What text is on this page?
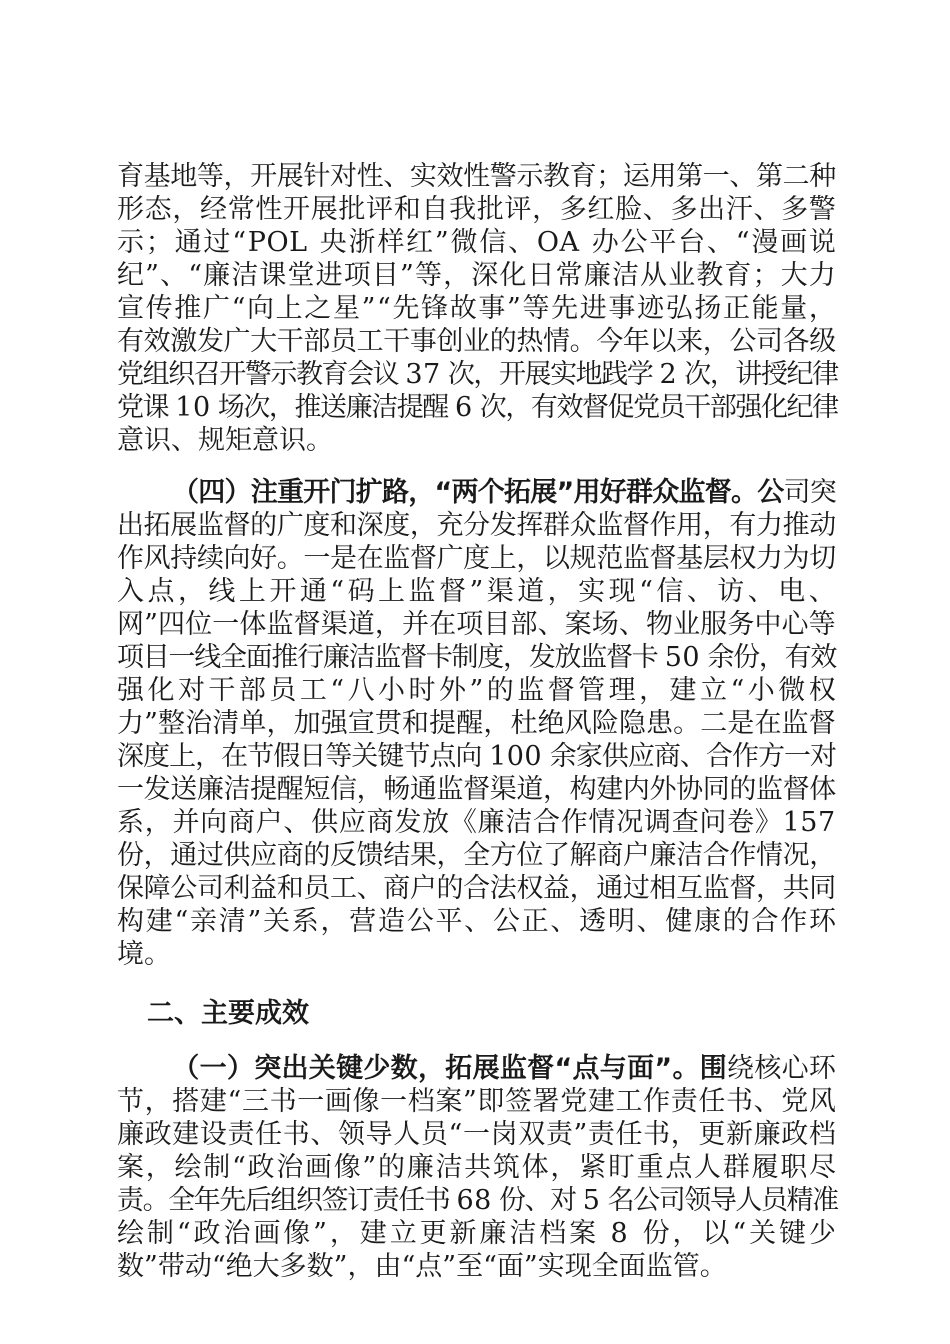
育 基 地 等 ， 开 展 针 对 性 、 实 效 性 警 示 教 育 ； 运 用 第 一 、 第 二 种
形 态 ， 经 常 性 开 展 批 评 和 自 我 批 评 ， 多 红 脸 、 多 出 汗 、 多 警
示 ； 通 过 “ POL
央 浙 样 红 ” 微 信 、 OA
办 公 平 台 、 “ 漫 画 说
纪 ” 、 “ 廉 洁 课 堂 进 项 目 ” 等 ， 深 化 日 常 廉 洁 从 业 教 育 ； 大 力
宣 传 推 广 “ 向 上 之 星 ” “ 先 锋 故 事 ” 等 先 进 事 迹 弘 扬 正 能 量 ，
有 效 激 发 广 大 干 部 员 工 干 事 创 业 的 热 情 。 今 年 以 来 ， 公 司 各 级
党 组 织 召 开 警 示 教 育 会 议
37
次 ， 开 展 实 地 践 学
2
次 ， 讲 授 纪 律
党 课
10
场 次 ， 推 送 廉 洁 提 醒
6
次 ， 有 效 督 促 党 员 干 部 强 化 纪 律
意识、规矩意识。
（ 四 ） 注 重 开 门 扩 路 ， “ 两 个 拓 展 ” 用 好 群 众 监 督 。 公 司 突
出 拓 展 监 督 的 广 度 和 深 度 ， 充 分 发 挥 群 众 监 督 作 用 ， 有 力 推 动
作 风 持 续 向 好 。 一 是 在 监 督 广 度 上 ， 以 规 范 监 督 基 层 权 力 为 切
入 点 ， 线 上 开 通 “ 码 上 监 督 ” 渠 道 ， 实 现 “ 信 、 访 、 电 、
网 ” 四 位 一 体 监 督 渠 道 ， 并 在 项 目 部 、 案 场 、 物 业 服 务 中 心 等
项 目 一 线 全 面 推 行 廉 洁 监 督 卡 制 度 ， 发 放 监 督 卡
50
余 份 ， 有 效
强 化 对 干 部 员 工 “ 八 小 时 外 ” 的 监 督 管 理 ， 建 立 “ 小 微 权
力 ” 整 治 清 单 ， 加 强 宣 贯 和 提 醒 ， 杜 绝 风 险 隐 患 。 二 是 在 监 督
深 度 上 ， 在 节 假 日 等 关 键 节 点 向
100
余 家 供 应 商 、 合 作 方 一 对
一 发 送 廉 洁 提 醒 短 信 ， 畅 通 监 督 渠 道 ， 构 建 内 外 协 同 的 监 督 体
系 ， 并 向 商 户 、 供 应 商 发 放 《 廉 洁 合 作 情 况 调 查 问 卷 》 157
份 ， 通 过 供 应 商 的 反 馈 结 果 ， 全 方 位 了 解 商 户 廉 洁 合 作 情 况 ，
保 障 公 司 利 益 和 员 工 、 商 户 的 合 法 权 益 ， 通 过 相 互 监 督 ， 共 同
构 建 “ 亲 清 ” 关 系 ， 营 造 公 平 、 公 正 、 透 明 、 健 康 的 合 作 环
境。
二、主要成效
（ 一 ） 突 出 关 键 少 数 ， 拓 展 监 督 “ 点 与 面 ” 。 围 绕 核 心 环
节 ， 搭 建 “ 三 书 一 画 像 一 档 案 ” 即 签 署 党 建 工 作 责 任 书 、 党 风
廉 政 建 设 责 任 书 、 领 导 人 员 “ 一 岗 双 责 ” 责 任 书 ， 更 新 廉 政 档
案 ， 绘 制 “ 政 治 画 像 ” 的 廉 洁 共 筑 体 ， 紧 盯 重 点 人 群 履 职 尽
责 。 全 年 先 后 组 织 签 订 责 任 书
68
份 、 对
5
名 公 司 领 导 人 员 精 准
绘 制 “ 政 治 画 像 ” ， 建 立 更 新 廉 洁 档 案
8
份 ， 以 “ 关 键 少
数”带动“绝大多数”，由“点”至“面”实现全面监管。
